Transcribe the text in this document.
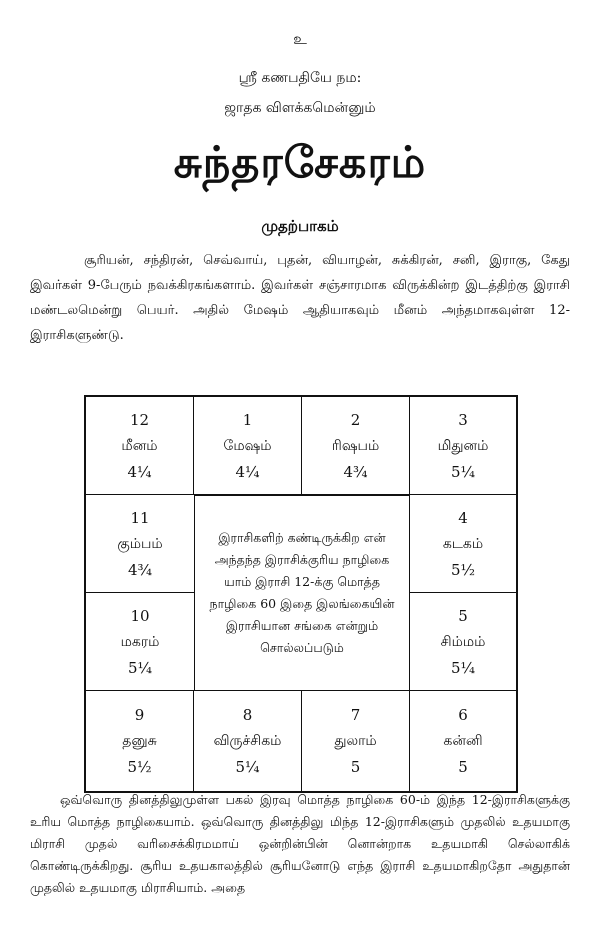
உ
ஸ்ரீ கணபதியே நம:
ஜாதக விளக்கமென்னும்
சுந்தரசேகரம்
முதற்பாகம்
சூரியன், சந்திரன், செவ்வாய், புதன், வியாழன், சுக்கிரன், சனி, இராகு, கேது இவர்கள் 9-பேரும் நவக்கிரகங்களாம். இவர்கள் சஞ்சாரமாக விருக்கின்ற இடத்திற்கு இராசி மண்டலமென்று பெயர். அதில் மேஷம் ஆதியாகவும் மீனம் அந்தமாகவுள்ள 12-இராசிகளுண்டு.
12
மீனம்
4¼
1
மேஷம்
4¼
2
ரிஷபம்
4¾
3
மிதுனம்
5¼
11
கும்பம்
4¾
10
மகரம்
5¼
இராசிகளிற் கண்டிருக்கிற என் அந்தந்த இராசிக்குரிய நாழிகை யாம் இராசி 12-க்கு மொத்த நாழிகை 60 இதை இலங்கையின் இராசியான சங்கை என்றும் சொல்லப்படும்
4
கடகம்
5½
5
சிம்மம்
5¼
9
தனுசு
5½
8
விருச்சிகம்
5¼
7
துலாம்
5
6
கன்னி
5
ஒவ்வொரு தினத்திலுமுள்ள பகல் இரவு மொத்த நாழிகை 60-ம் இந்த 12-இராசிகளுக்கு உரிய மொத்த நாழிகையாம். ஒவ்வொரு தினத்திலு மிந்த 12-இராசிகளும் முதலில் உதயமாகு மிராசி முதல் வரிசைக்கிரமமாய் ஒன்றின்பின் னொன்றாக உதயமாகி செல்லாகிக் கொண்டிருக்கிறது. சூரிய உதயகாலத்தில் சூரியனோடு எந்த இராசி உதயமாகிறதோ அதுதான் முதலில் உதயமாகு மிராசியாம். அதை
